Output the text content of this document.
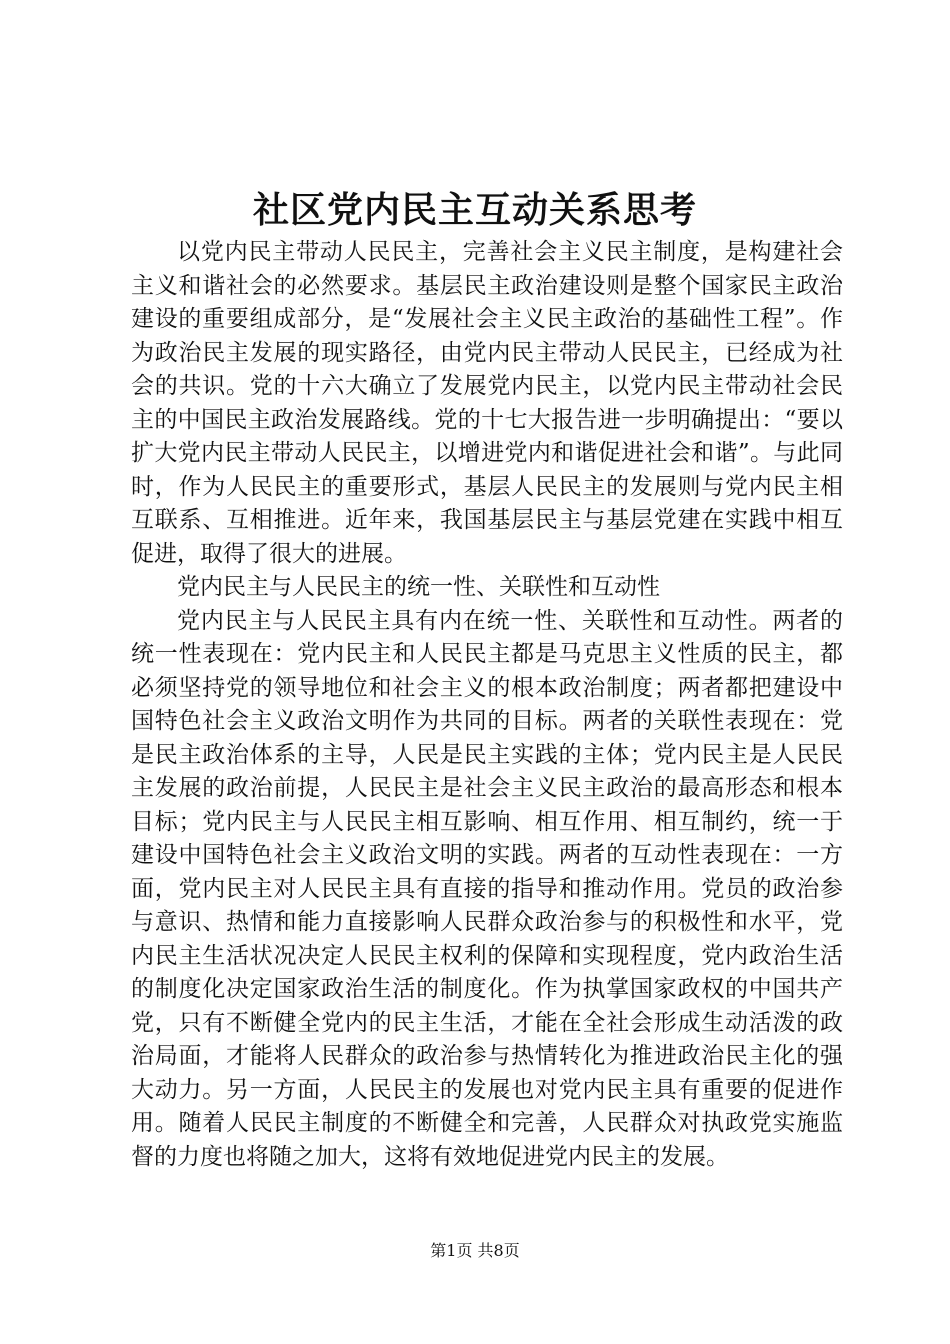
社区党内民主互动关系思考

以党内民主带动人民民主，完善社会主义民主制度，是构建社会主义和谐社会的必然要求。基层民主政治建设则是整个国家民主政治建设的重要组成部分，是“发展社会主义民主政治的基础性工程”。作为政治民主发展的现实路径，由党内民主带动人民民主，已经成为社会的共识。党的十六大确立了发展党内民主，以党内民主带动社会民主的中国民主政治发展路线。党的十七大报告进一步明确提出：“要以扩大党内民主带动人民民主，以增进党内和谐促进社会和谐”。与此同时，作为人民民主的重要形式，基层人民民主的发展则与党内民主相互联系、互相推进。近年来，我国基层民主与基层党建在实践中相互促进，取得了很大的进展。

党内民主与人民民主的统一性、关联性和互动性

党内民主与人民民主具有内在统一性、关联性和互动性。两者的统一性表现在：党内民主和人民民主都是马克思主义性质的民主，都必须坚持党的领导地位和社会主义的根本政治制度；两者都把建设中国特色社会主义政治文明作为共同的目标。两者的关联性表现在：党是民主政治体系的主导，人民是民主实践的主体；党内民主是人民民主发展的政治前提，人民民主是社会主义民主政治的最高形态和根本目标；党内民主与人民民主相互影响、相互作用、相互制约，统一于建设中国特色社会主义政治文明的实践。两者的互动性表现在：一方面，党内民主对人民民主具有直接的指导和推动作用。党员的政治参与意识、热情和能力直接影响人民群众政治参与的积极性和水平，党内民主生活状况决定人民民主权利的保障和实现程度，党内政治生活的制度化决定国家政治生活的制度化。作为执掌国家政权的中国共产党，只有不断健全党内的民主生活，才能在全社会形成生动活泼的政治局面，才能将人民群众的政治参与热情转化为推进政治民主化的强大动力。另一方面，人民民主的发展也对党内民主具有重要的促进作用。随着人民民主制度的不断健全和完善，人民群众对执政党实施监督的力度也将随之加大，这将有效地促进党内民主的发展。

第1页 共8页
